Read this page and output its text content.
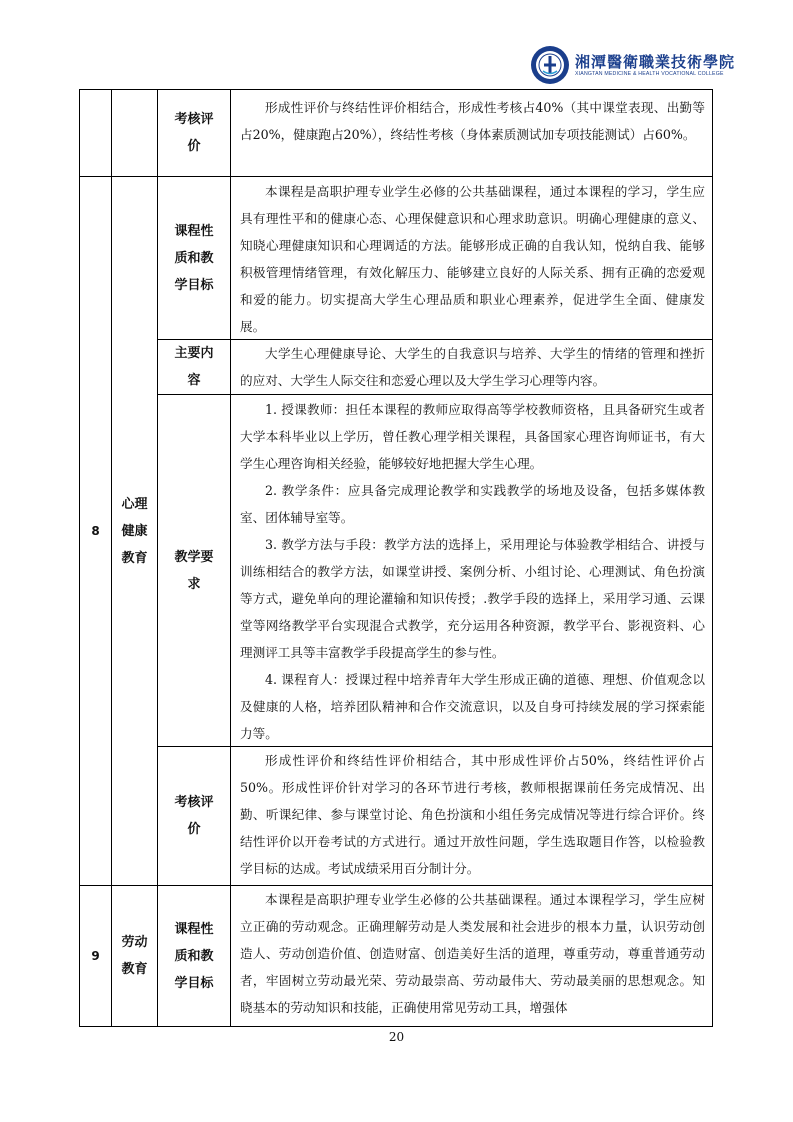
湘潭醫衛職業技術學院
XIANGTAN MEDICINE & HEALTH VOCATIONAL COLLEGE
考核评价

形成性评价与终结性评价相结合，形成性考核占40%（其中课堂表现、出勤等占20%，健康跑占20%），终结性考核（身体素质测试加专项技能测试）占60%。

8
心理健康教育
课程性质和教学目标

本课程是高职护理专业学生必修的公共基础课程，通过本课程的学习，学生应具有理性平和的健康心态、心理保健意识和心理求助意识。明确心理健康的意义、知晓心理健康知识和心理调适的方法。能够形成正确的自我认知，悦纳自我、能够积极管理情绪管理，有效化解压力、能够建立良好的人际关系、拥有正确的恋爱观和爱的能力。切实提高大学生心理品质和职业心理素养，促进学生全面、健康发展。

主要内容

大学生心理健康导论、大学生的自我意识与培养、大学生的情绪的管理和挫折的应对、大学生人际交往和恋爱心理以及大学生学习心理等内容。

教学要求

1. 授课教师：担任本课程的教师应取得高等学校教师资格，且具备研究生或者大学本科毕业以上学历，曾任教心理学相关课程，具备国家心理咨询师证书，有大学生心理咨询相关经验，能够较好地把握大学生心理。

2. 教学条件：应具备完成理论教学和实践教学的场地及设备，包括多媒体教室、团体辅导室等。

3. 教学方法与手段：教学方法的选择上，采用理论与体验教学相结合、讲授与训练相结合的教学方法，如课堂讲授、案例分析、小组讨论、心理测试、角色扮演等方式，避免单向的理论灌输和知识传授；.教学手段的选择上，采用学习通、云课堂等网络教学平台实现混合式教学，充分运用各种资源，教学平台、影视资料、心理测评工具等丰富教学手段提高学生的参与性。

4. 课程育人：授课过程中培养青年大学生形成正确的道德、理想、价值观念以及健康的人格，培养团队精神和合作交流意识，以及自身可持续发展的学习探索能力等。

考核评价

形成性评价和终结性评价相结合，其中形成性评价占50%，终结性评价占50%。形成性评价针对学习的各环节进行考核，教师根据课前任务完成情况、出勤、听课纪律、参与课堂讨论、角色扮演和小组任务完成情况等进行综合评价。终结性评价以开卷考试的方式进行。通过开放性问题，学生选取题目作答，以检验教学目标的达成。考试成绩采用百分制计分。

9
劳动教育
课程性质和教学目标

本课程是高职护理专业学生必修的公共基础课程。通过本课程学习，学生应树立正确的劳动观念。正确理解劳动是人类发展和社会进步的根本力量，认识劳动创造人、劳动创造价值、创造财富、创造美好生活的道理，尊重劳动，尊重普通劳动者，牢固树立劳动最光荣、劳动最崇高、劳动最伟大、劳动最美丽的思想观念。知晓基本的劳动知识和技能，正确使用常见劳动工具，增强体

20
